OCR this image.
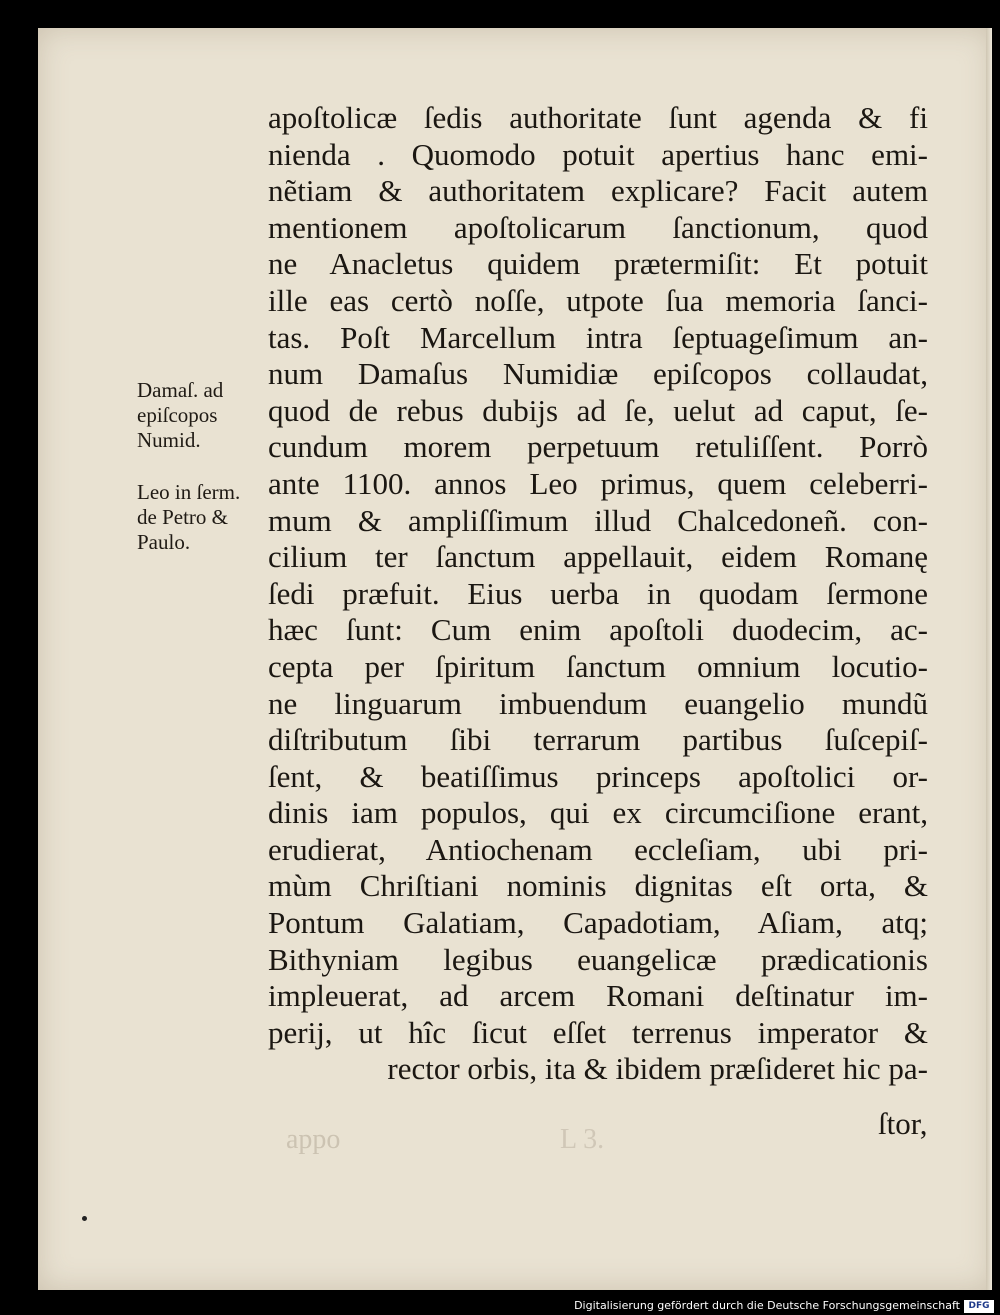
apoſtolicæ ſedis authoritate ſunt agenda & fi
nienda . Quomodo potuit apertius hanc emi-
nẽtiam & authoritatem explicare? Facit autem
mentionem apoſtolicarum ſanctionum, quod
ne Anacletus quidem prætermiſit: Et potuit
ille eas certò noſſe, utpote ſua memoria ſanci-
tas. Poſt Marcellum intra ſeptuageſimum an-
num Damaſus Numidiæ epiſcopos collaudat,
quod de rebus dubijs ad ſe, uelut ad caput, ſe-
cundum morem perpetuum retuliſſent. Porrò
ante 1100. annos Leo primus, quem celeberri-
mum & ampliſſimum illud Chalcedoneñ. con-
cilium ter ſanctum appellauit, eidem Romanę
ſedi præfuit. Eius uerba in quodam ſermone
hæc ſunt: Cum enim apoſtoli duodecim, ac-
cepta per ſpiritum ſanctum omnium locutio-
ne linguarum imbuendum euangelio mundũ
diſtributum ſibi terrarum partibus ſuſcepiſ-
ſent, & beatiſſimus princeps apoſtolici or-
dinis iam populos, qui ex circumciſione erant,
erudierat, Antiochenam eccleſiam, ubi pri-
mùm Chriſtiani nominis dignitas eſt orta, &
Pontum Galatiam, Capadotiam, Aſiam, atq;
Bithyniam legibus euangelicæ prædicationis
impleuerat, ad arcem Romani deſtinatur im-
perij, ut hîc ſicut eſſet terrenus imperator &
rector orbis, ita & ibidem præſideret hic pa-
ſtor,
Damaſ. ad
epiſcopos
Numid.
Leo in ſerm.
de Petro &
Paulo.
appo	L 3.
Digitalisierung gefördert durch die Deutsche Forschungsgemeinschaft DFG
